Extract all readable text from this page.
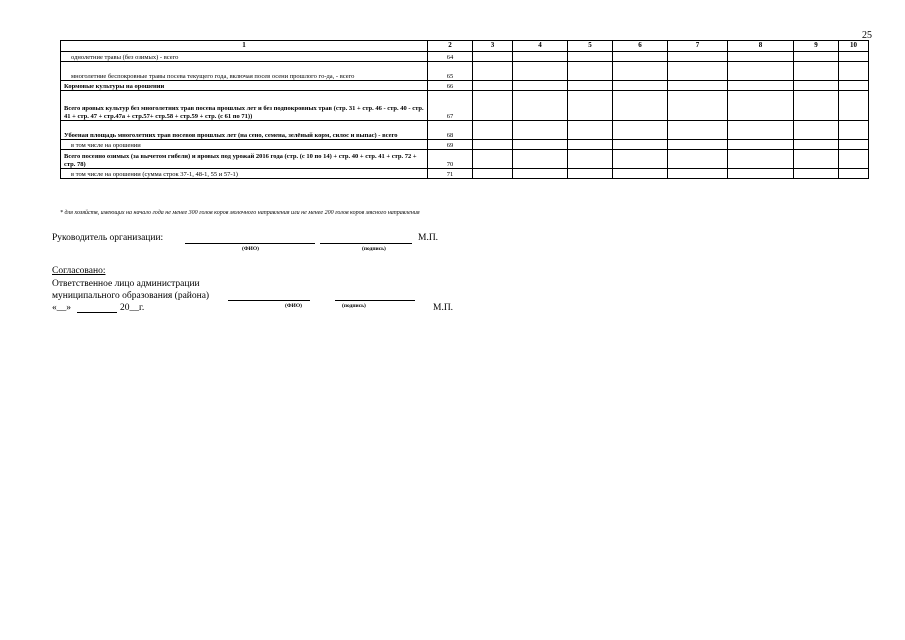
25
1	2	3	4	5	6	7	8	9	10
однолетние травы (без озимых) - всего	64								
многолетние беспокровные травы посева текущего года, включая посев осени прошлого го-да, - всего	65								
Кормовые культуры на орошении	66								
Всего яровых культур без многолетних трав посева прошлых лет и без подпокровных трав (стр. 31 + стр. 46 - стр. 40 - стр. 41 + стр. 47 + стр.47а + стр.57+ стр.58 + стр.59 + стр. (с 61 по 71))	67								
Убоеная площадь многолетних трав посевов прошлых лет (на сено, семена, зелёный корм, силос и выпас) - всего	68								
в том числе на орошении	69								
Всего посеяно озимых (за вычетом гибели) и яровых под урожай 2016 года (стр. (с 10 по 14) + стр. 40 + стр. 41 + стр. 72 + стр. 78)	70								
в том числе на орошении (сумма строк 37-1, 48-1, 55 и 57-1)	71								
* для хозяйств, имеющих на начало года не менее 300 голов коров молочного направления или не менее 200 голов коров мясного направления
Руководитель организации:	М.П.
(ФИО)	(подпись)
Согласовано:
Ответственное лицо администрации
муниципального образования (района)
«__»	20__г.	(ФИО)	(подпись)	М.П.
